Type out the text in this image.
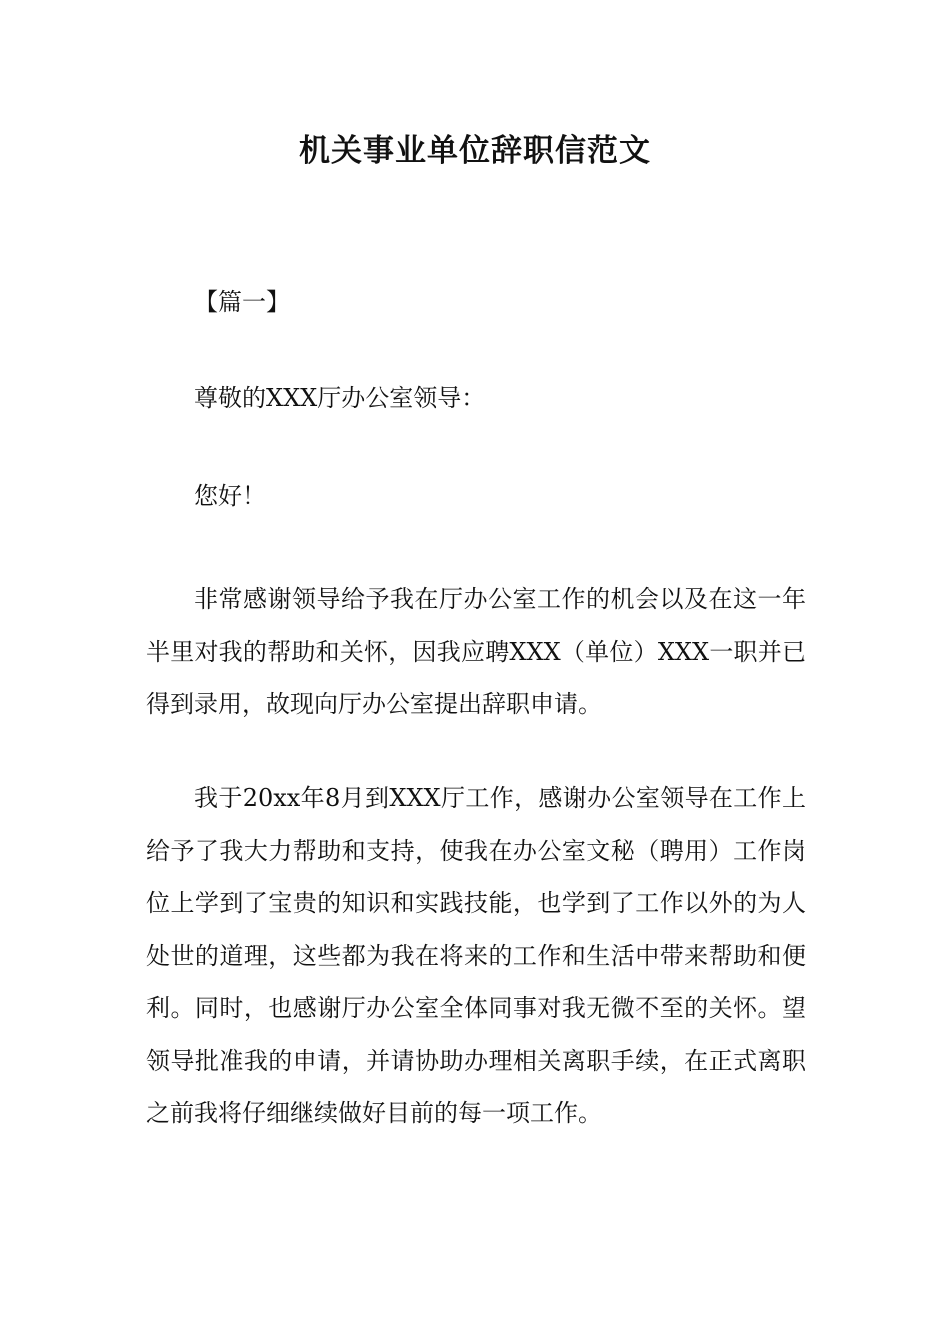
机关事业单位辞职信范文
【篇一】
尊敬的XXX厅办公室领导：
您好！
非常感谢领导给予我在厅办公室工作的机会以及在这一年半里对我的帮助和关怀，因我应聘XXX（单位）XXX一职并已得到录用，故现向厅办公室提出辞职申请。
我于20xx年8月到XXX厅工作，感谢办公室领导在工作上给予了我大力帮助和支持，使我在办公室文秘（聘用）工作岗位上学到了宝贵的知识和实践技能，也学到了工作以外的为人处世的道理，这些都为我在将来的工作和生活中带来帮助和便利。同时，也感谢厅办公室全体同事对我无微不至的关怀。望领导批准我的申请，并请协助办理相关离职手续，在正式离职之前我将仔细继续做好目前的每一项工作。
